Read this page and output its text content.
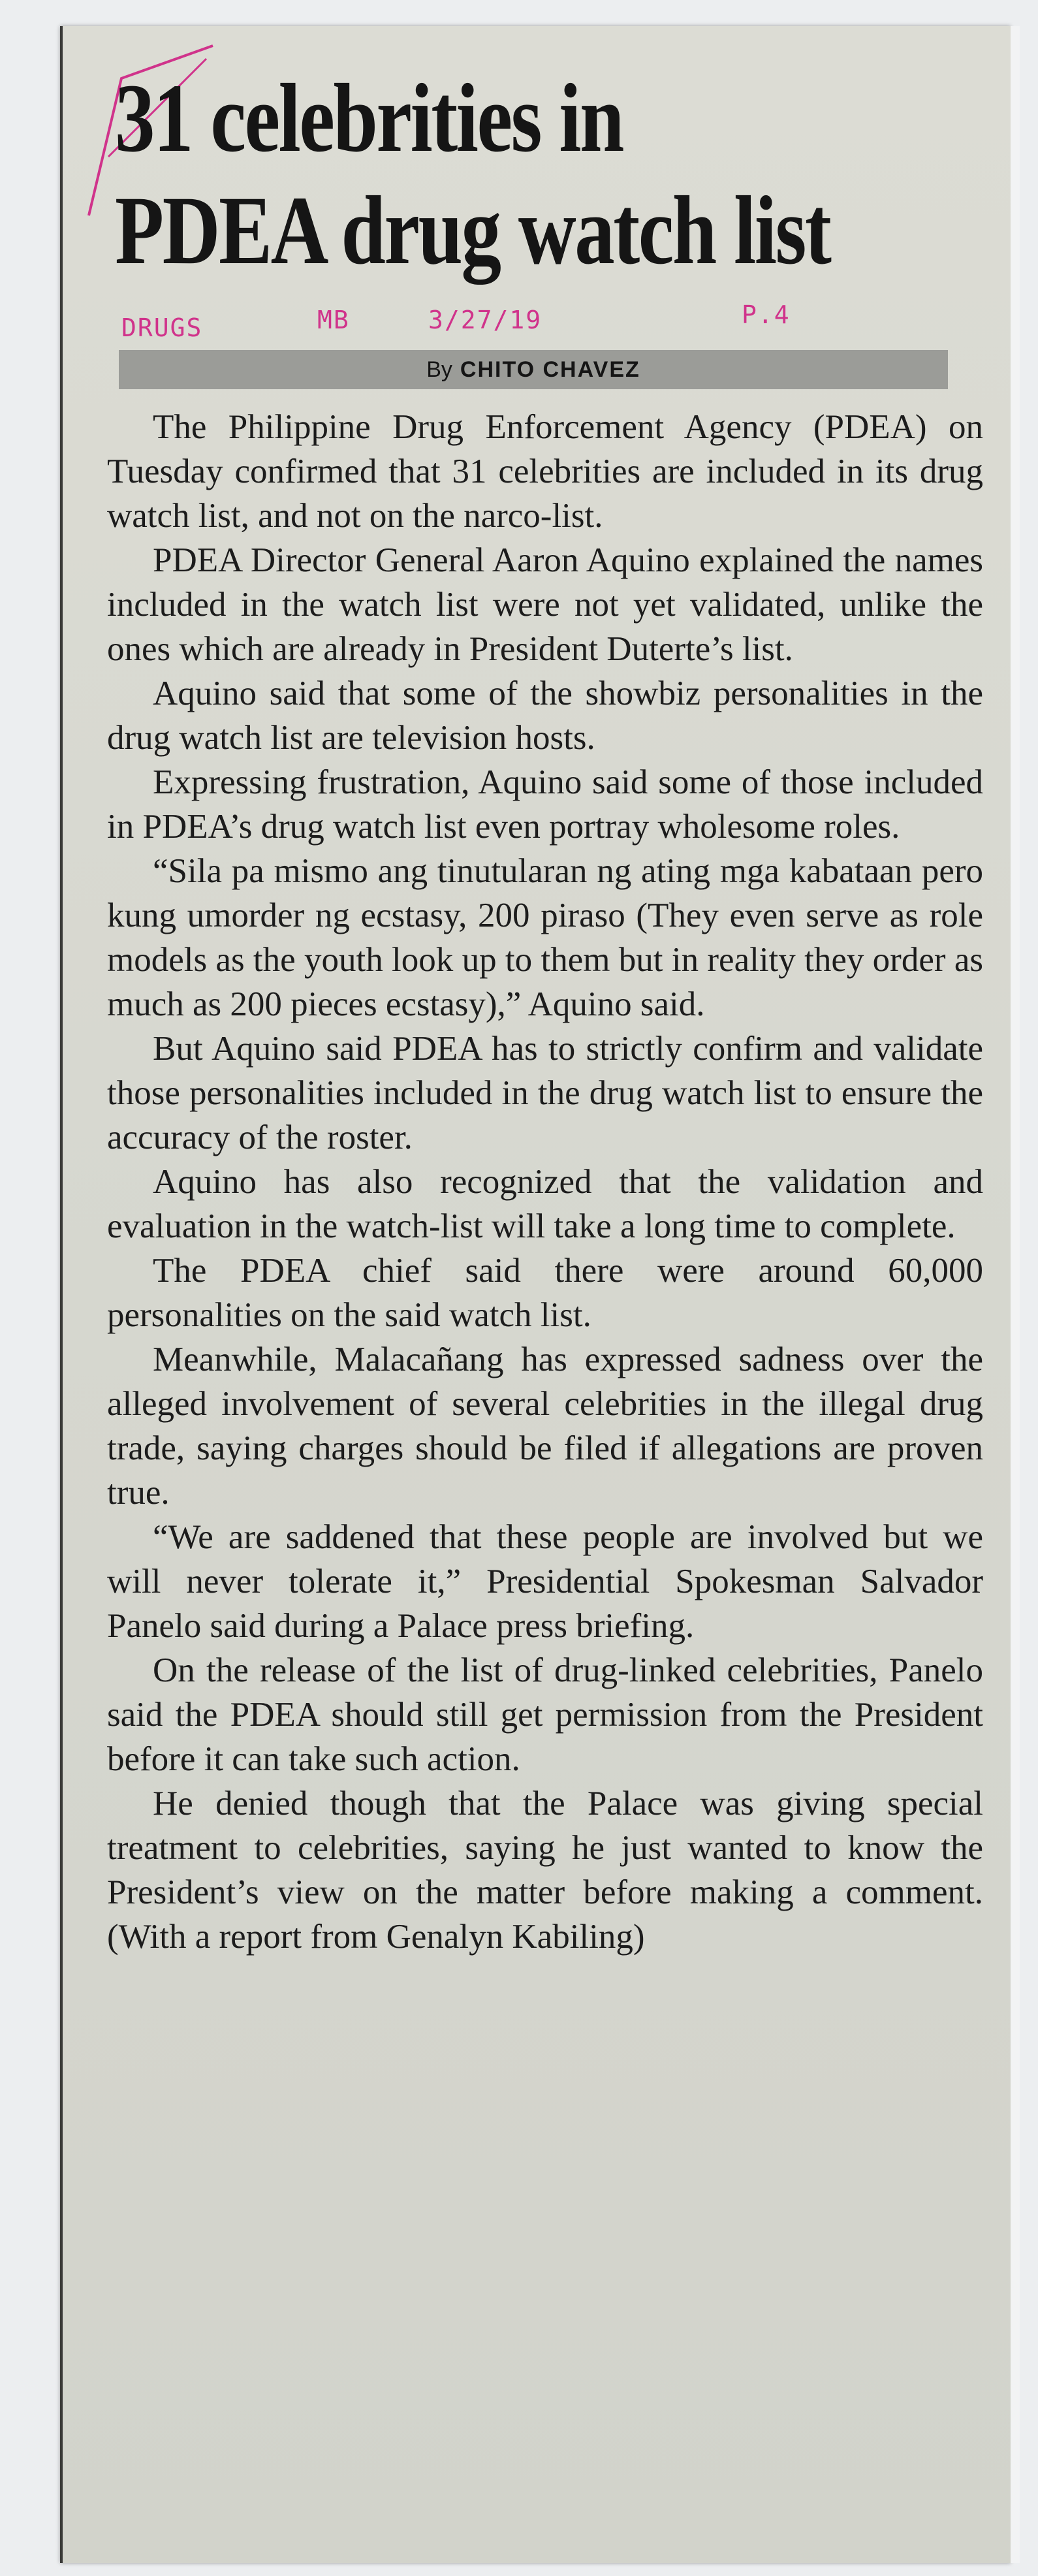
31 celebrities in
PDEA drug watch list
DRUGS	MB	3/27/19	P.4
By CHITO CHAVEZ

The Philippine Drug Enforcement Agency (PDEA) on Tuesday confirmed that 31 celebrities are included in its drug watch list, and not on the narco-list.

PDEA Director General Aaron Aquino explained the names included in the watch list were not yet validated, unlike the ones which are already in President Duterte’s list.

Aquino said that some of the showbiz personalities in the drug watch list are television hosts.

Expressing frustration, Aquino said some of those included in PDEA’s drug watch list even portray wholesome roles.

“Sila pa mismo ang tinutularan ng ating mga kabataan pero kung umorder ng ecstasy, 200 piraso (They even serve as role models as the youth look up to them but in reality they order as much as 200 pieces ecstasy),” Aquino said.

But Aquino said PDEA has to strictly confirm and validate those personalities included in the drug watch list to ensure the accuracy of the roster.

Aquino has also recognized that the validation and evaluation in the watch-list will take a long time to complete.

The PDEA chief said there were around 60,000 personalities on the said watch list.

Meanwhile, Malacañang has expressed sadness over the alleged involvement of several celebrities in the illegal drug trade, saying charges should be filed if allegations are proven true.

“We are saddened that these people are involved but we will never tolerate it,” Presidential Spokesman Salvador Panelo said during a Palace press briefing.

On the release of the list of drug-linked celebrities, Panelo said the PDEA should still get permission from the President before it can take such action.

He denied though that the Palace was giving special treatment to celebrities, saying he just wanted to know the President’s view on the matter before making a comment. (With a report from Genalyn Kabiling)
